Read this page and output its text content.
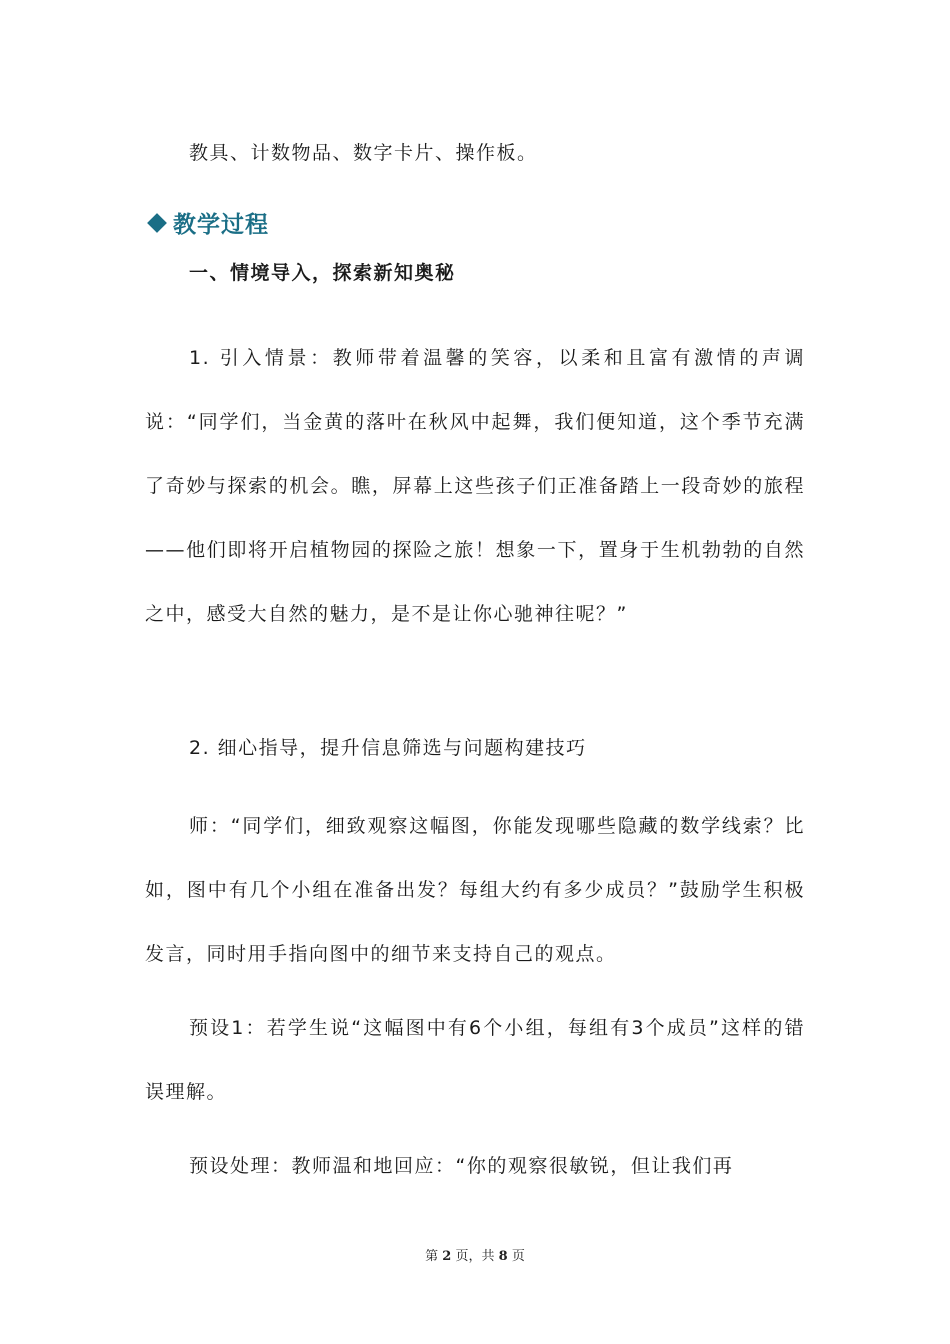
教具、计数物品、数字卡片、操作板。

教学过程

一、情境导入，探索新知奥秘

1. 引入情景：教师带着温馨的笑容，以柔和且富有激情的声调说：“同学们，当金黄的落叶在秋风中起舞，我们便知道，这个季节充满了奇妙与探索的机会。瞧，屏幕上这些孩子们正准备踏上一段奇妙的旅程——他们即将开启植物园的探险之旅！想象一下，置身于生机勃勃的自然之中，感受大自然的魅力，是不是让你心驰神往呢？”

2. 细心指导，提升信息筛选与问题构建技巧

师：“同学们，细致观察这幅图，你能发现哪些隐藏的数学线索？比如，图中有几个小组在准备出发？每组大约有多少成员？”鼓励学生积极发言，同时用手指向图中的细节来支持自己的观点。

预设1：若学生说“这幅图中有6个小组，每组有3个成员”这样的错误理解。

预设处理：教师温和地回应：“你的观察很敏锐，但让我们再

第 2 页，共 8 页
